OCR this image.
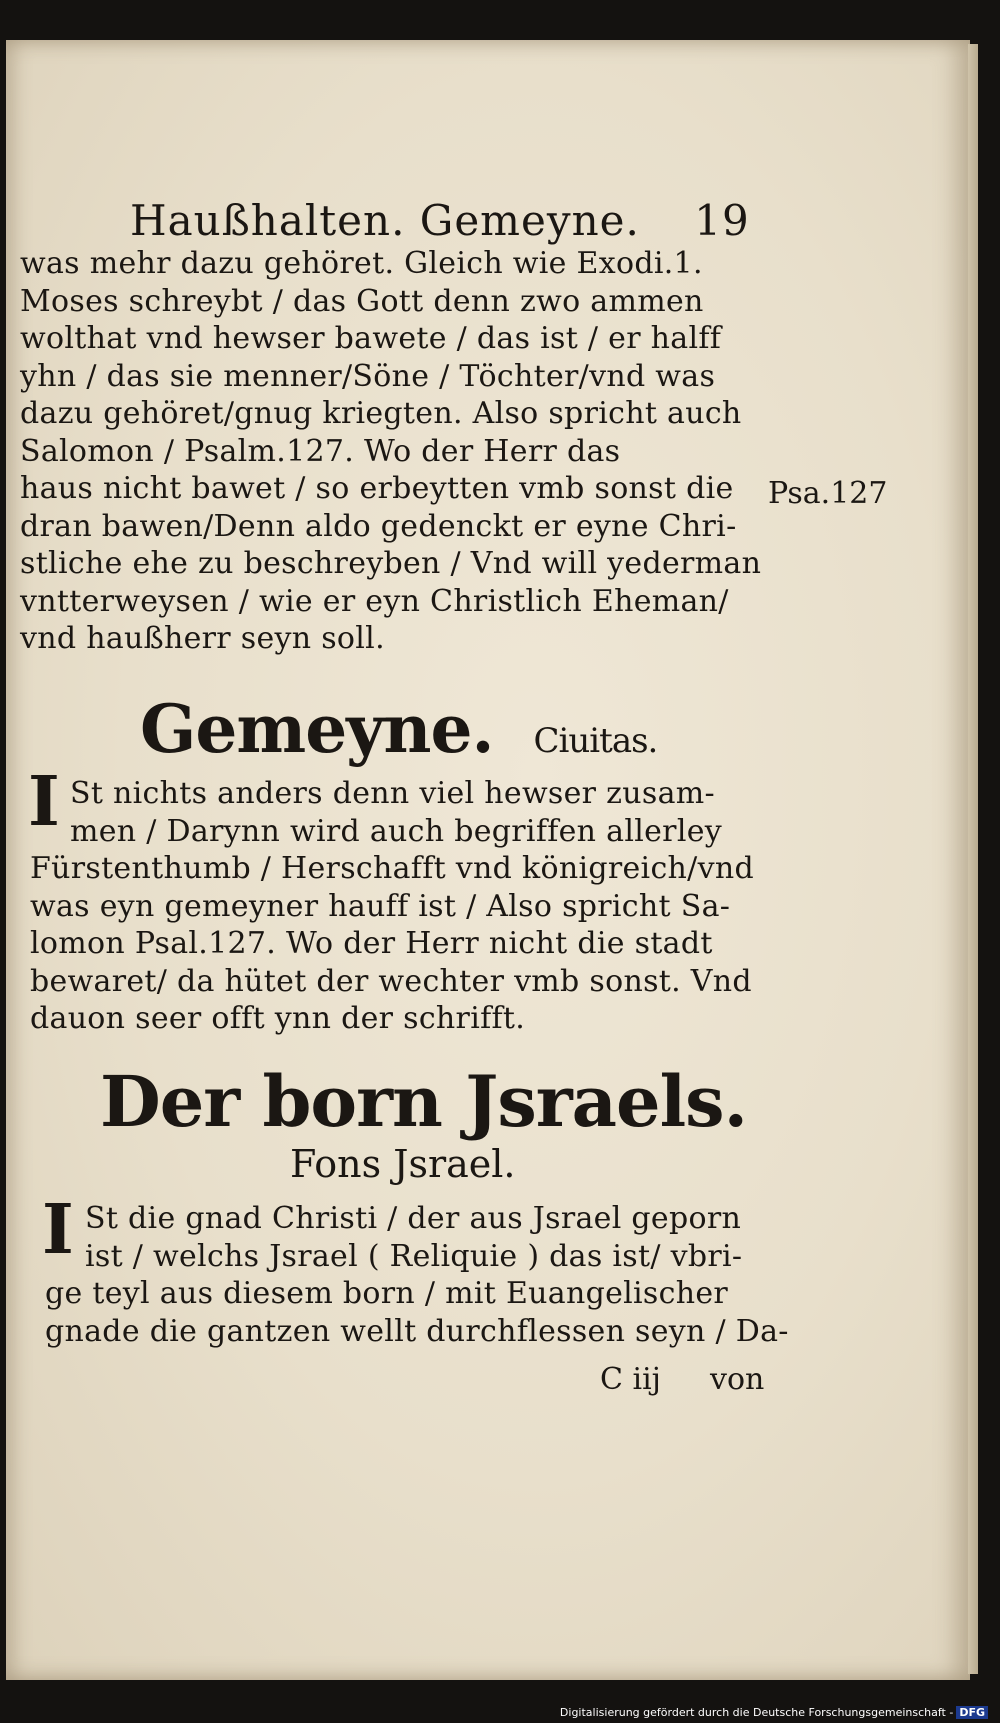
Haußhalten. Gemeyne. 19
was mehr dazu gehöret. Gleich wie Exodi.1.
Moses schreybt / das Gott denn zwo ammen
wolthat vnd hewser bawete / das ist / er halff
yhn / das sie menner/Söne / Töchter/vnd was
dazu gehöret/gnug kriegten. Also spricht auch
Salomon / Psalm.127. Wo der Herr das
haus nicht bawet / so erbeytten vmb sonst die
dran bawen/Denn aldo gedenckt er eyne Chri-
stliche ehe zu beschreyben / Vnd will yederman
vntterweysen / wie er eyn Christlich Eheman/
vnd haußherr seyn soll.
Psa.127
Gemeyne. Ciuitas.
I St nichts anders denn viel hewser zusam-
men / Darynn wird auch begriffen allerley
Fürstenthumb / Herschafft vnd königreich/vnd
was eyn gemeyner hauff ist / Also spricht Sa-
lomon Psal.127. Wo der Herr nicht die stadt
bewaret/ da hütet der wechter vmb sonst. Vnd
dauon seer offt ynn der schrifft.
Der born Jsraels.
Fons Jsrael.
I St die gnad Christi / der aus Jsrael geporn
ist / welchs Jsrael ( Reliquie ) das ist/ vbri-
ge teyl aus diesem born / mit Euangelischer
gnade die gantzen wellt durchflessen seyn / Da-
C iij von
Digitalisierung gefördert durch die Deutsche Forschungsgemeinschaft - DFG
